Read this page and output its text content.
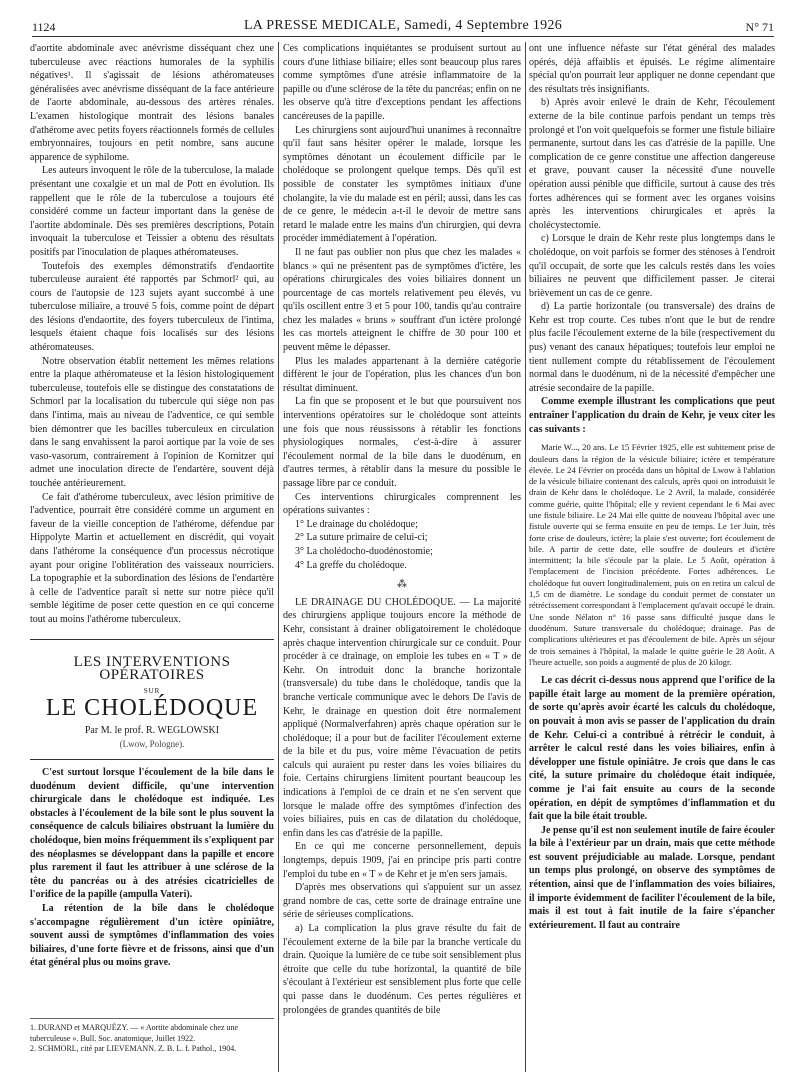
1124	LA PRESSE MEDICALE, Samedi, 4 Septembre 1926	N° 71

d'aortite abdominale avec anévrisme disséquant chez une tuberculeuse avec réactions humorales de la syphilis négatives¹. Il s'agissait de lésions athéromateuses généralisées avec anévrisme disséquant de la face antérieure de l'aorte abdominale, au-dessous des artères rénales. L'examen histologique montrait des lésions banales d'athérome avec petits foyers réactionnels formés de cellules embryonnaires, toujours en petit nombre, sans aucune apparence de syphilome.

Les auteurs invoquent le rôle de la tuberculose, la malade présentant une coxalgie et un mal de Pott en évolution. Ils rappellent que le rôle de la tuberculose a toujours été considéré comme un facteur important dans la genèse de l'aortite abdominale. Dès ses premières descriptions, Potain invoquait la tuberculose et Teissier a obtenu des résultats positifs par l'inoculation de plaques athéromateuses.

Toutefois des exemples démonstratifs d'endaortite tuberculeuse auraient été rapportés par Schmorl² qui, au cours de l'autopsie de 123 sujets ayant succombé à une tuberculose miliaire, a trouvé 5 fois, comme point de départ des lésions d'endaortite, des foyers tuberculeux de l'intima, lesquels étaient chaque fois localisés sur des lésions athéromateuses.

Notre observation établit nettement les mêmes relations entre la plaque athéromateuse et la lésion histologiquement tuberculeuse, toutefois elle se distingue des constatations de Schmorl par la localisation du tubercule qui siège non pas dans l'intima, mais au niveau de l'adventice, ce qui semble bien démontrer que les bacilles tuberculeux en circulation dans le sang envahissent la paroi aortique par la voie de ses vaso-vasorum, contrairement à l'opinion de Kornitzer qui admet une inoculation directe de l'endartère, souvent déjà touchée antérieurement.

Ce fait d'athérome tuberculeux, avec lésion primitive de l'adventice, pourrait être considéré comme un argument en faveur de la vieille conception de l'athérome, défendue par Hippolyte Martin et actuellement en discrédit, qui voyait dans l'athérome la conséquence d'un processus nécrotique ayant pour origine l'oblitération des vaisseaux nourriciers. La topographie et la subordination des lésions de l'endartère à celle de l'adventice paraît si nette sur notre pièce qu'il semble légitime de poser cette question en ce qui concerne tout au moins l'athérome tuberculeux.

LES INTERVENTIONS OPÉRATOIRES
SUR
LE CHOLÉDOQUE
Par M. le prof. R. WEGLOWSKI
(Lwow, Pologne).

C'est surtout lorsque l'écoulement de la bile dans le duodénum devient difficile, qu'une intervention chirurgicale dans le cholédoque est indiquée. Les obstacles à l'écoulement de la bile sont le plus souvent la conséquence de calculs biliaires obstruant la lumière du cholédoque, bien moins fréquemment ils s'expliquent par des néoplasmes se développant dans la papille et encore plus rarement il faut les attribuer à une sclérose de la tête du pancréas ou à des atrésies cicatricielles de l'orifice de la papille (ampulla Vateri).

La rétention de la bile dans le cholédoque s'accompagne régulièrement d'un ictère opiniâtre, souvent aussi de symptômes d'inflammation des voies biliaires, d'une forte fièvre et de frissons, ainsi que d'un état général plus ou moins grave.

1. DURAND et MARQUÉZY. — « Aortite abdominale chez une tuberculeuse ». Bull. Soc. anatomique, Juillet 1922.

2. SCHMORL, cité par LIEVEMANN. Z. B. L. f. Pathol., 1904.

Ces complications inquiétantes se produisent surtout au cours d'une lithiase biliaire; elles sont beaucoup plus rares comme symptômes d'une atrésie inflammatoire de la papille ou d'une sclérose de la tête du pancréas; enfin on ne les observe qu'à titre d'exceptions pendant les affections cancéreuses de la papille.

Les chirurgiens sont aujourd'hui unanimes à reconnaître qu'il faut sans hésiter opérer le malade, lorsque les symptômes dénotant un écoulement difficile par le cholédoque se prolongent quelque temps. Dès qu'il est possible de constater les symptômes initiaux d'une cholangite, la vie du malade est en péril; aussi, dans les cas de ce genre, le médecin a-t-il le devoir de mettre sans retard le malade entre les mains d'un chirurgien, qui devra procéder immédiatement à l'opération.

Il ne faut pas oublier non plus que chez les malades « blancs » qui ne présentent pas de symptômes d'ictère, les opérations chirurgicales des voies biliaires donnent un pourcentage de cas mortels relativement peu élevés, vu qu'ils oscillent entre 3 et 5 pour 100, tandis qu'au contraire chez les malades « bruns » souffrant d'un ictère prolongé les cas mortels atteignent le chiffre de 30 pour 100 et peuvent même le dépasser.

Plus les malades appartenant à la dernière catégorie diffèrent le jour de l'opération, plus les chances d'un bon résultat diminuent.

La fin que se proposent et le but que poursuivent nos interventions opératoires sur le cholédoque sont atteints une fois que nous réussissons à rétablir les fonctions physiologiques normales, c'est-à-dire à assurer l'écoulement normal de la bile dans le duodénum, en d'autres termes, à rétablir dans la mesure du possible le passage libre par ce conduit.

Ces interventions chirurgicales comprennent les opérations suivantes :

1° Le drainage du cholédoque;
2° La suture primaire de celui-ci;
3° La cholédocho-duodénostomie;
4° La greffe du cholédoque.
⁂

LE DRAINAGE DU CHOLÉDOQUE. — La majorité des chirurgiens applique toujours encore la méthode de Kehr, consistant à drainer obligatoirement le cholédoque après chaque intervention chirurgicale sur ce conduit. Pour procéder à ce drainage, on emploie les tubes en « T » de Kehr. On introduit donc la branche horizontale (transversale) du tube dans le cholédoque, tandis que la branche verticale communique avec le dehors De l'avis de Kehr, le drainage en question doit être normalement appliqué (Normalverfahren) après chaque opération sur le cholédoque; il a pour but de faciliter l'écoulement externe de la bile et du pus, voire même l'évacuation de petits calculs qui auraient pu rester dans les voies biliaires du foie. Certains chirurgiens limitent pourtant beaucoup les indications à l'emploi de ce drain et ne s'en servent que lorsque le malade offre des symptômes d'infection des voies biliaires, puis en cas de dilatation du cholédoque, enfin dans les cas d'atrésie de la papille.

En ce qui me concerne personnellement, depuis longtemps, depuis 1909, j'ai en principe pris parti contre l'emploi du tube en « T » de Kehr et je m'en sers jamais.

D'après mes observations qui s'appuient sur un assez grand nombre de cas, cette sorte de drainage entraîne une série de sérieuses complications.

a) La complication la plus grave résulte du fait de l'écoulement externe de la bile par la branche verticale du drain. Quoique la lumière de ce tube soit sensiblement plus étroite que celle du tube horizontal, la quantité de bile s'écoulant à l'extérieur est sensiblement plus forte que celle qui passe dans le duodénum. Ces pertes régulières et prolongées de grandes quantités de bile

ont une influence néfaste sur l'état général des malades opérés, déjà affaiblis et épuisés. Le régime alimentaire spécial qu'on pourrait leur appliquer ne donne cependant que des résultats très insignifiants.

b) Après avoir enlevé le drain de Kehr, l'écoulement externe de la bile continue parfois pendant un temps très prolongé et l'on voit quelquefois se former une fistule biliaire permanente, surtout dans les cas d'atrésie de la papille. Une complication de ce genre constitue une affection dangereuse et grave, pouvant causer la nécessité d'une nouvelle opération aussi pénible que difficile, surtout à cause des très fortes adhérences qui se forment avec les organes voisins après les interventions chirurgicales et après la cholécystectomie.

c) Lorsque le drain de Kehr reste plus longtemps dans le cholédoque, on voit parfois se former des sténoses à l'endroit qu'il occupait, de sorte que les calculs restés dans les voies biliaires ne peuvent que difficilement passer. Je citerai brièvement un cas de ce genre.

d) La partie horizontale (ou transversale) des drains de Kehr est trop courte. Ces tubes n'ont que le but de rendre plus facile l'écoulement externe de la bile (respectivement du pus) venant des canaux hépatiques; toutefois leur emploi ne tient nullement compte du rétablissement de l'écoulement normal dans le duodénum, ni de la nécessité d'empêcher une atrésie secondaire de la papille.

Comme exemple illustrant les complications que peut entraîner l'application du drain de Kehr, je veux citer les cas suivants :

Marie W..., 20 ans. Le 15 Février 1925, elle est subitement prise de douleurs dans la région de la vésicule biliaire; ictère et température élevée. Le 24 Février on procéda dans un hôpital de Lwow à l'ablation de la vésicule biliaire contenant des calculs, après quoi on introduisit le drain de Kehr dans le cholédoque. Le 2 Avril, la malade, considérée comme guérie, quitte l'hôpital; elle y revient cependant le 6 Mai avec une fistule biliaire. Le 24 Mai elle quitte de nouveau l'hôpital avec une fistule ouverte qui se ferma ensuite en peu de temps. Le 1er Juin, très forte crise de douleurs, ictère; la plaie s'est ouverte; fort écoulement de bile. A partir de cette date, elle souffre de douleurs et d'ictère intermittent; la bile s'écoule par la plaie. Le 5 Août, opération à l'emplacement de l'incision précédente. Fortes adhérences. Le cholédoque fut ouvert longitudinalement, puis on en retira un calcul de 1,5 cm de diamètre. Le sondage du conduit permet de constater un rétrécissement correspondant à l'emplacement qu'avait occupé le drain. Une sonde Nélaton n° 16 passe sans difficulté jusque dans le duodénum. Suture transversale du cholédoque; drainage. Pas de complications ultérieures et pas d'écoulement de bile. Après un séjour de trois semaines à l'hôpital, la malade le quitte guérie le 28 Août. A l'heure actuelle, son poids a augmenté de plus de 20 kilogr.

Le cas décrit ci-dessus nous apprend que l'orifice de la papille était large au moment de la première opération, de sorte qu'après avoir écarté les calculs du cholédoque, on pouvait à mon avis se passer de l'application du drain de Kehr. Celui-ci a contribué à rétrécir le conduit, à arrêter le calcul resté dans les voies biliaires, enfin à développer une fistule opiniâtre. Je crois que dans le cas cité, la suture primaire du cholédoque était indiquée, comme je l'ai fait ensuite au cours de la seconde opération, en dépit de symptômes d'inflammation et du fait que la bile était trouble.

Je pense qu'il est non seulement inutile de faire écouler la bile à l'extérieur par un drain, mais que cette méthode est souvent préjudiciable au malade. Lorsque, pendant un temps plus prolongé, on observe des symptômes de rétention, ainsi que de l'inflammation des voies biliaires, il importe évidemment de faciliter l'écoulement de la bile, mais il est tout à fait inutile de la faire s'épancher extérieurement. Il faut au contraire
